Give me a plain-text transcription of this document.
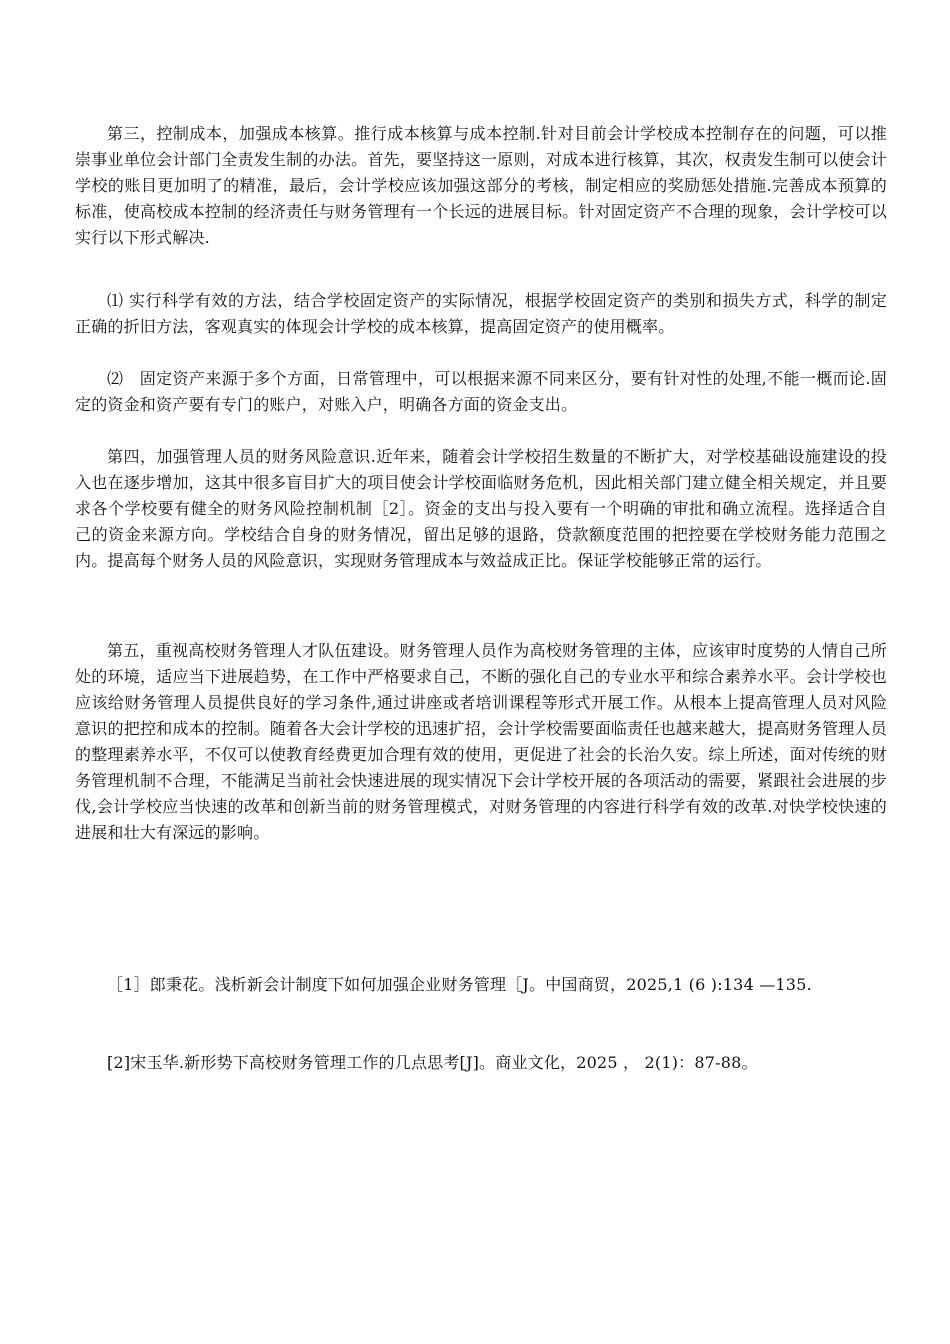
第三，控制成本，加强成本核算。推行成本核算与成本控制.针对目前会计学校成本控制存在的问题，可以推崇事业单位会计部门全责发生制的办法。首先，要坚持这一原则，对成本进行核算，其次，权责发生制可以使会计学校的账目更加明了的精准，最后，会计学校应该加强这部分的考核，制定相应的奖励惩处措施.完善成本预算的标准，使高校成本控制的经济责任与财务管理有一个长远的进展目标。针对固定资产不合理的现象，会计学校可以实行以下形式解决.

⑴ 实行科学有效的方法，结合学校固定资产的实际情况，根据学校固定资产的类别和损失方式，科学的制定正确的折旧方法，客观真实的体现会计学校的成本核算，提高固定资产的使用概率。

⑵　固定资产来源于多个方面，日常管理中，可以根据来源不同来区分，要有针对性的处理,不能一概而论.固定的资金和资产要有专门的账户，对账入户，明确各方面的资金支出。

第四，加强管理人员的财务风险意识.近年来，随着会计学校招生数量的不断扩大，对学校基础设施建设的投入也在逐步增加，这其中很多盲目扩大的项目使会计学校面临财务危机，因此相关部门建立健全相关规定，并且要求各个学校要有健全的财务风险控制机制［2］。资金的支出与投入要有一个明确的审批和确立流程。选择适合自己的资金来源方向。学校结合自身的财务情况，留出足够的退路，贷款额度范围的把控要在学校财务能力范围之内。提高每个财务人员的风险意识，实现财务管理成本与效益成正比。保证学校能够正常的运行。

第五，重视高校财务管理人才队伍建设。财务管理人员作为高校财务管理的主体，应该审时度势的人情自己所处的环境，适应当下进展趋势，在工作中严格要求自己，不断的强化自己的专业水平和综合素养水平。会计学校也应该给财务管理人员提供良好的学习条件,通过讲座或者培训课程等形式开展工作。从根本上提高管理人员对风险意识的把控和成本的控制。随着各大会计学校的迅速扩招，会计学校需要面临责任也越来越大，提高财务管理人员的整理素养水平，不仅可以使教育经费更加合理有效的使用，更促进了社会的长治久安。综上所述，面对传统的财务管理机制不合理，不能满足当前社会快速进展的现实情况下会计学校开展的各项活动的需要，紧跟社会进展的步伐,会计学校应当快速的改革和创新当前的财务管理模式，对财务管理的内容进行科学有效的改革.对快学校快速的进展和壮大有深远的影响。

［1］郎秉花。浅析新会计制度下如何加强企业财务管理［J。中国商贸，2025,1 (6 ):134 —135.

[2]宋玉华.新形势下高校财务管理工作的几点思考[J]。商业文化，2025 ， 2(1)：87-88。
